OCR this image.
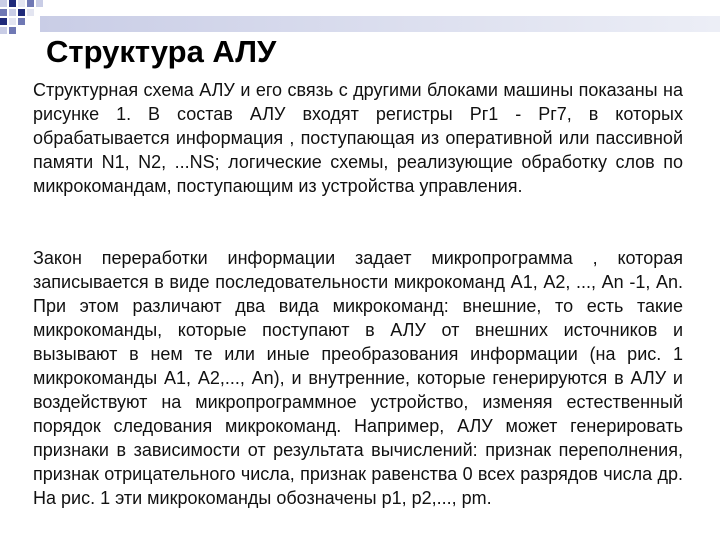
Структура АЛУ
Структурная схема АЛУ и его связь с другими блоками машины показаны на рисунке 1. В состав АЛУ входят регистры Рг1 - Рг7, в которых обрабатывается информация , поступающая из оперативной или пассивной памяти N1, N2, ...NS; логические схемы, реализующие обработку слов по микрокомандам, поступающим из устройства управления.
Закон переработки информации задает микропрограмма , которая записывается в виде последовательности микрокоманд А1, А2, ..., Аn -1, Аn. При этом различают два вида микрокоманд: внешние, то есть такие микрокоманды, которые поступают в АЛУ от внешних источников и вызывают в нем те или иные преобразования информации (на рис. 1 микрокоманды А1, А2,..., Аn), и внутренние, которые генерируются в АЛУ и воздействуют на микропрограммное устройство, изменяя естественный порядок следования микрокоманд. Например, АЛУ может генерировать признаки в зависимости от результата вычислений: признак переполнения, признак отрицательного числа, признак равенства 0 всех разрядов числа др. На рис. 1 эти микрокоманды обозначены р1, р2,..., рm.
